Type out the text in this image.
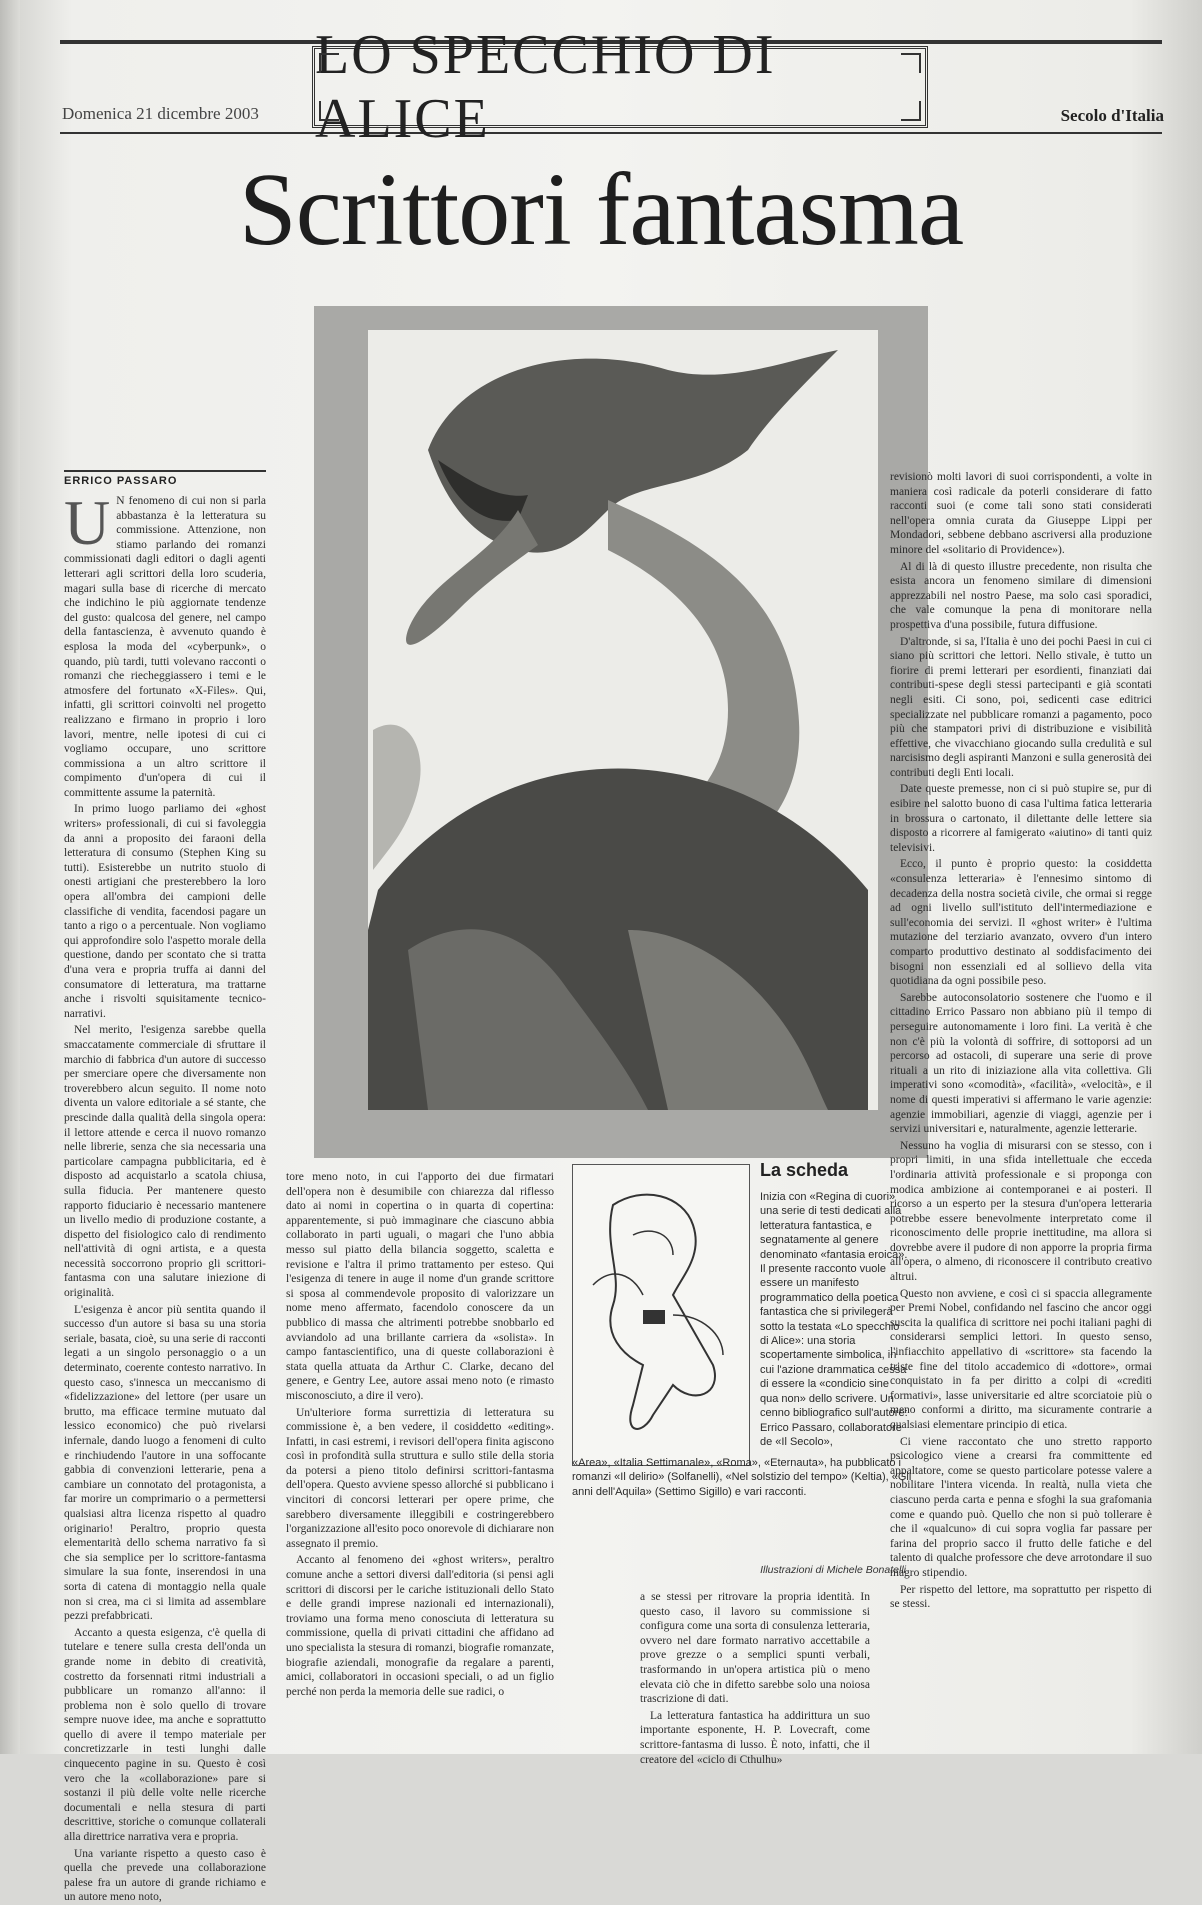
LO SPECCHIO DI ALICE
Domenica 21 dicembre 2003	Secolo d'Italia
Scrittori fantasma
ERRICO PASSARO

U N fenomeno di cui non si parla abbastanza è la letteratura su commissione. Attenzione, non stiamo parlando dei romanzi commissionati dagli editori o dagli agenti letterari agli scrittori della loro scuderia, magari sulla base di ricerche di mercato che indichino le più aggiornate tendenze del gusto: qualcosa del genere, nel campo della fantascienza, è avvenuto quando è esplosa la moda del «cyberpunk», o quando, più tardi, tutti volevano racconti o romanzi che riecheggiassero i temi e le atmosfere del fortunato «X-Files». Qui, infatti, gli scrittori coinvolti nel progetto realizzano e firmano in proprio i loro lavori, mentre, nelle ipotesi di cui ci vogliamo occupare, uno scrittore commissiona a un altro scrittore il compimento d'un'opera di cui il committente assume la paternità.

In primo luogo parliamo dei «ghost writers» professionali, di cui si favoleggia da anni a proposito dei faraoni della letteratura di consumo (Stephen King su tutti). Esisterebbe un nutrito stuolo di onesti artigiani che presterebbero la loro opera all'ombra dei campioni delle classifiche di vendita, facendosi pagare un tanto a rigo o a percentuale. Non vogliamo qui approfondire solo l'aspetto morale della questione, dando per scontato che si tratta d'una vera e propria truffa ai danni del consumatore di letteratura, ma trattarne anche i risvolti squisitamente tecnico-narrativi.

Nel merito, l'esigenza sarebbe quella smaccatamente commerciale di sfruttare il marchio di fabbrica d'un autore di successo per smerciare opere che diversamente non troverebbero alcun seguito. Il nome noto diventa un valore editoriale a sé stante, che prescinde dalla qualità della singola opera: il lettore attende e cerca il nuovo romanzo nelle librerie, senza che sia necessaria una particolare campagna pubblicitaria, ed è disposto ad acquistarlo a scatola chiusa, sulla fiducia. Per mantenere questo rapporto fiduciario è necessario mantenere un livello medio di produzione costante, a dispetto del fisiologico calo di rendimento nell'attività di ogni artista, e a questa necessità soccorrono proprio gli scrittori-fantasma con una salutare iniezione di originalità.

L'esigenza è ancor più sentita quando il successo d'un autore si basa su una storia seriale, basata, cioè, su una serie di racconti legati a un singolo personaggio o a un determinato, coerente contesto narrativo. In questo caso, s'innesca un meccanismo di «fidelizzazione» del lettore (per usare un brutto, ma efficace termine mutuato dal lessico economico) che può rivelarsi infernale, dando luogo a fenomeni di culto e rinchiudendo l'autore in una soffocante gabbia di convenzioni letterarie, pena a cambiare un connotato del protagonista, a far morire un comprimario o a permettersi qualsiasi altra licenza rispetto al quadro originario! Peraltro, proprio questa elementarità dello schema narrativo fa sì che sia semplice per lo scrittore-fantasma simulare la sua fonte, inserendosi in una sorta di catena di montaggio nella quale non si crea, ma ci si limita ad assemblare pezzi prefabbricati.

Accanto a questa esigenza, c'è quella di tutelare e tenere sulla cresta dell'onda un grande nome in debito di creatività, costretto da forsennati ritmi industriali a pubblicare un romanzo all'anno: il problema non è solo quello di trovare sempre nuove idee, ma anche e soprattutto quello di avere il tempo materiale per concretizzarle in testi lunghi dalle cinquecento pagine in su. Questo è così vero che la «collaborazione» pare si sostanzi il più delle volte nelle ricerche documentali e nella stesura di parti descrittive, storiche o comunque collaterali alla direttrice narrativa vera e propria.

Una variante rispetto a questo caso è quella che prevede una collaborazione palese fra un autore di grande richiamo e un autore meno noto,

tore meno noto, in cui l'apporto dei due firmatari dell'opera non è desumibile con chiarezza dal riflesso dato ai nomi in copertina o in quarta di copertina: apparentemente, si può immaginare che ciascuno abbia collaborato in parti uguali, o magari che l'uno abbia messo sul piatto della bilancia soggetto, scaletta e revisione e l'altra il primo trattamento per esteso. Qui l'esigenza di tenere in auge il nome d'un grande scrittore si sposa al commendevole proposito di valorizzare un nome meno affermato, facendolo conoscere da un pubblico di massa che altrimenti potrebbe snobbarlo ed avviandolo ad una brillante carriera da «solista». In campo fantascientifico, una di queste collaborazioni è stata quella attuata da Arthur C. Clarke, decano del genere, e Gentry Lee, autore assai meno noto (e rimasto misconosciuto, a dire il vero).

Un'ulteriore forma surrettizia di letteratura su commissione è, a ben vedere, il cosiddetto «editing». Infatti, in casi estremi, i revisori dell'opera finita agiscono così in profondità sulla struttura e sullo stile della storia da potersi a pieno titolo definirsi scrittori-fantasma dell'opera. Questo avviene spesso allorché si pubblicano i vincitori di concorsi letterari per opere prime, che sarebbero diversamente illeggibili e costringerebbero l'organizzazione all'esito poco onorevole di dichiarare non assegnato il premio.

Accanto al fenomeno dei «ghost writers», peraltro comune anche a settori diversi dall'editoria (si pensi agli scrittori di discorsi per le cariche istituzionali dello Stato e delle grandi imprese nazionali ed internazionali), troviamo una forma meno conosciuta di letteratura su commissione, quella di privati cittadini che affidano ad uno specialista la stesura di romanzi, biografie romanzate, biografie aziendali, monografie da regalare a parenti, amici, collaboratori in occasioni speciali, o ad un figlio perché non perda la memoria delle sue radici, o

La scheda
Inizia con «Regina di cuori» una serie di testi dedicati alla letteratura fantastica, e segnatamente al genere denominato «fantasia eroica». Il presente racconto vuole essere un manifesto programmatico della poetica fantastica che si privilegerà sotto la testata «Lo specchio di Alice»: una storia scopertamente simbolica, in cui l'azione drammatica cessa di essere la «condicio sine qua non» dello scrivere. Un cenno bibliografico sull'autore: Errico Passaro, collaboratore de «Il Secolo»,
«Area», «Italia Settimanale», «Roma», «Eternauta», ha pubblicato i romanzi «Il delirio» (Solfanelli), «Nel solstizio del tempo» (Keltia), «Gli anni dell'Aquila» (Settimo Sigillo) e vari racconti.
Illustrazioni di Michele Bonatelli

a se stessi per ritrovare la propria identità. In questo caso, il lavoro su commissione si configura come una sorta di consulenza letteraria, ovvero nel dare formato narrativo accettabile a prove grezze o a semplici spunti verbali, trasformando in un'opera artistica più o meno elevata ciò che in difetto sarebbe solo una noiosa trascrizione di dati.

La letteratura fantastica ha addirittura un suo importante esponente, H. P. Lovecraft, come scrittore-fantasma di lusso. È noto, infatti, che il creatore del «ciclo di Cthulhu»

revisionò molti lavori di suoi corrispondenti, a volte in maniera così radicale da poterli considerare di fatto racconti suoi (e come tali sono stati considerati nell'opera omnia curata da Giuseppe Lippi per Mondadori, sebbene debbano ascriversi alla produzione minore del «solitario di Providence»).

Al di là di questo illustre precedente, non risulta che esista ancora un fenomeno similare di dimensioni apprezzabili nel nostro Paese, ma solo casi sporadici, che vale comunque la pena di monitorare nella prospettiva d'una possibile, futura diffusione.

D'altronde, si sa, l'Italia è uno dei pochi Paesi in cui ci siano più scrittori che lettori. Nello stivale, è tutto un fiorire di premi letterari per esordienti, finanziati dai contributi-spese degli stessi partecipanti e già scontati negli esiti. Ci sono, poi, sedicenti case editrici specializzate nel pubblicare romanzi a pagamento, poco più che stampatori privi di distribuzione e visibilità effettive, che vivacchiano giocando sulla credulità e sul narcisismo degli aspiranti Manzoni e sulla generosità dei contributi degli Enti locali.

Date queste premesse, non ci si può stupire se, pur di esibire nel salotto buono di casa l'ultima fatica letteraria in brossura o cartonato, il dilettante delle lettere sia disposto a ricorrere al famigerato «aiutino» di tanti quiz televisivi.

Ecco, il punto è proprio questo: la cosiddetta «consulenza letteraria» è l'ennesimo sintomo di decadenza della nostra società civile, che ormai si regge ad ogni livello sull'istituto dell'intermediazione e sull'economia dei servizi. Il «ghost writer» è l'ultima mutazione del terziario avanzato, ovvero d'un intero comparto produttivo destinato al soddisfacimento dei bisogni non essenziali ed al sollievo della vita quotidiana da ogni possibile peso.

Sarebbe autoconsolatorio sostenere che l'uomo e il cittadino Errico Passaro non abbiano più il tempo di perseguire autonomamente i loro fini. La verità è che non c'è più la volontà di soffrire, di sottoporsi ad un percorso ad ostacoli, di superare una serie di prove rituali a un rito di iniziazione alla vita collettiva. Gli imperativi sono «comodità», «facilità», «velocità», e il nome di questi imperativi si affermano le varie agenzie: agenzie immobiliari, agenzie di viaggi, agenzie per i servizi universitari e, naturalmente, agenzie letterarie.

Nessuno ha voglia di misurarsi con se stesso, con i propri limiti, in una sfida intellettuale che ecceda l'ordinaria attività professionale e si proponga con modica ambizione ai contemporanei e ai posteri. Il ricorso a un esperto per la stesura d'un'opera letteraria potrebbe essere benevolmente interpretato come il riconoscimento delle proprie inettitudine, ma allora si dovrebbe avere il pudore di non apporre la propria firma all'opera, o almeno, di riconoscere il contributo creativo altrui.

Questo non avviene, e così ci si spaccia allegramente per Premi Nobel, confidando nel fascino che ancor oggi suscita la qualifica di scrittore nei pochi italiani paghi di considerarsi semplici lettori. In questo senso, l'infiacchito appellativo di «scrittore» sta facendo la triste fine del titolo accademico di «dottore», ormai conquistato in fa per diritto a colpi di «crediti formativi», lasse universitarie ed altre scorciatoie più o meno conformi a diritto, ma sicuramente contrarie a qualsiasi elementare principio di etica.

Ci viene raccontato che uno stretto rapporto psicologico viene a crearsi fra committente ed appaltatore, come se questo particolare potesse valere a nobilitare l'intera vicenda. In realtà, nulla vieta che ciascuno perda carta e penna e sfoghi la sua grafomania come e quando può. Quello che non si può tollerare è che il «qualcuno» di cui sopra voglia far passare per farina del proprio sacco il frutto delle fatiche e del talento di qualche professore che deve arrotondare il suo magro stipendio.

Per rispetto del lettore, ma soprattutto per rispetto di se stessi.
